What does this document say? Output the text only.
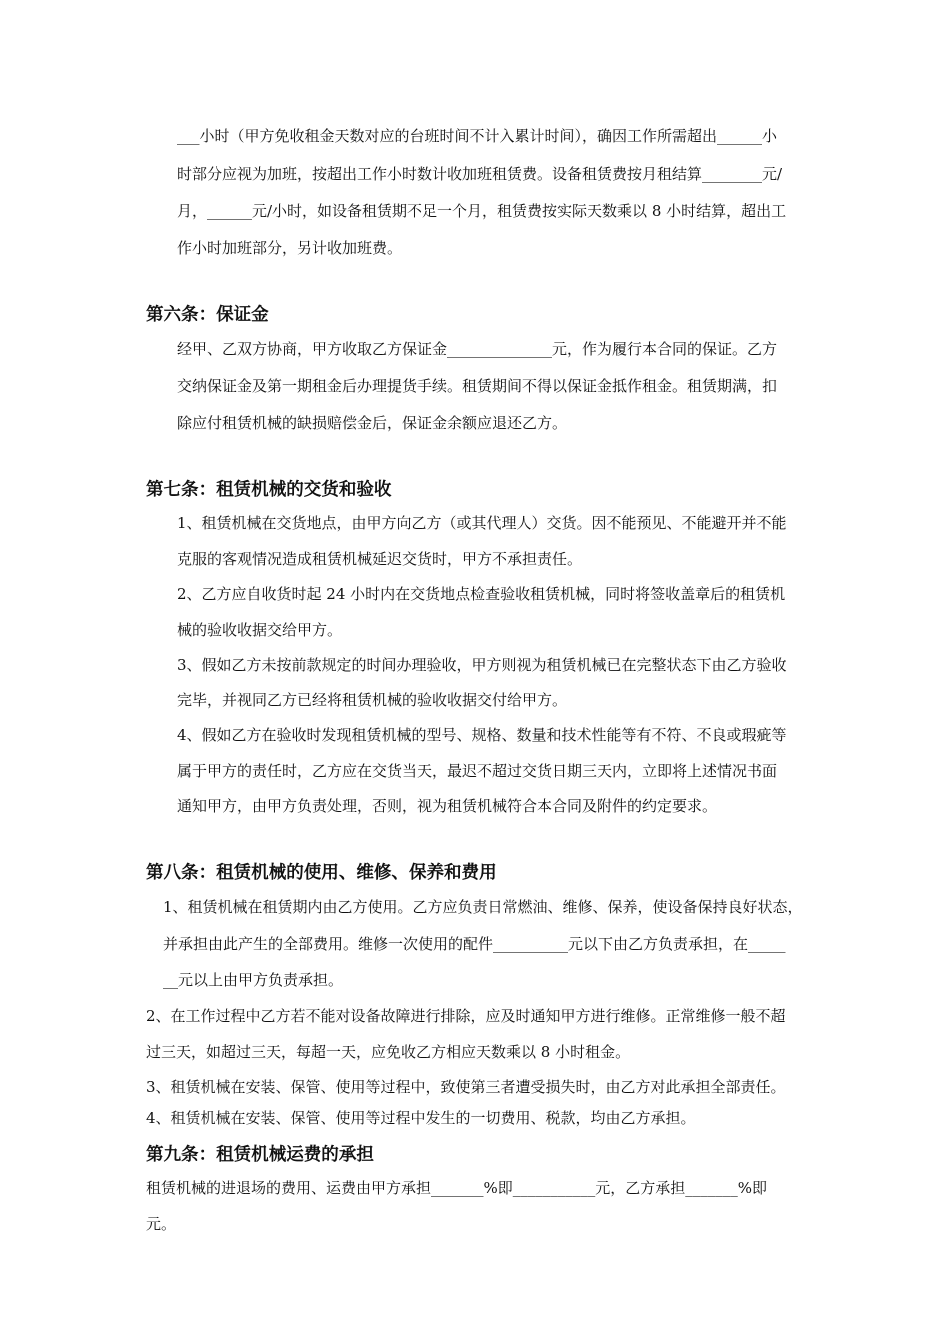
___小时（甲方免收租金天数对应的台班时间不计入累计时间），确因工作所需超出______小

时部分应视为加班，按超出工作小时数计收加班租赁费。设备租赁费按月租结算________元/

月，______元/小时，如设备租赁期不足一个月，租赁费按实际天数乘以 8 小时结算，超出工

作小时加班部分，另计收加班费。

第六条：保证金

经甲、乙双方协商，甲方收取乙方保证金______________元，作为履行本合同的保证。乙方

交纳保证金及第一期租金后办理提货手续。租赁期间不得以保证金抵作租金。租赁期满，扣

除应付租赁机械的缺损赔偿金后，保证金余额应退还乙方。

第七条：租赁机械的交货和验收

1、租赁机械在交货地点，由甲方向乙方（或其代理人）交货。因不能预见、不能避开并不能

克服的客观情况造成租赁机械延迟交货时，甲方不承担责任。

2、乙方应自收货时起 24 小时内在交货地点检查验收租赁机械，同时将签收盖章后的租赁机

械的验收收据交给甲方。

3、假如乙方未按前款规定的时间办理验收，甲方则视为租赁机械已在完整状态下由乙方验收

完毕，并视同乙方已经将租赁机械的验收收据交付给甲方。

4、假如乙方在验收时发现租赁机械的型号、规格、数量和技术性能等有不符、不良或瑕疵等

属于甲方的责任时，乙方应在交货当天，最迟不超过交货日期三天内，立即将上述情况书面

通知甲方，由甲方负责处理，否则，视为租赁机械符合本合同及附件的约定要求。

第八条：租赁机械的使用、维修、保养和费用

1、租赁机械在租赁期内由乙方使用。乙方应负责日常燃油、维修、保养，使设备保持良好状态，

并承担由此产生的全部费用。维修一次使用的配件__________元以下由乙方负责承担，在_____

__元以上由甲方负责承担。

2、在工作过程中乙方若不能对设备故障进行排除，应及时通知甲方进行维修。正常维修一般不超

过三天，如超过三天，每超一天，应免收乙方相应天数乘以 8 小时租金。

3、租赁机械在安装、保管、使用等过程中，致使第三者遭受损失时，由乙方对此承担全部责任。

4、租赁机械在安装、保管、使用等过程中发生的一切费用、税款，均由乙方承担。

第九条：租赁机械运费的承担

租赁机械的进退场的费用、运费由甲方承担_______%即___________元，乙方承担_______%即

元。
